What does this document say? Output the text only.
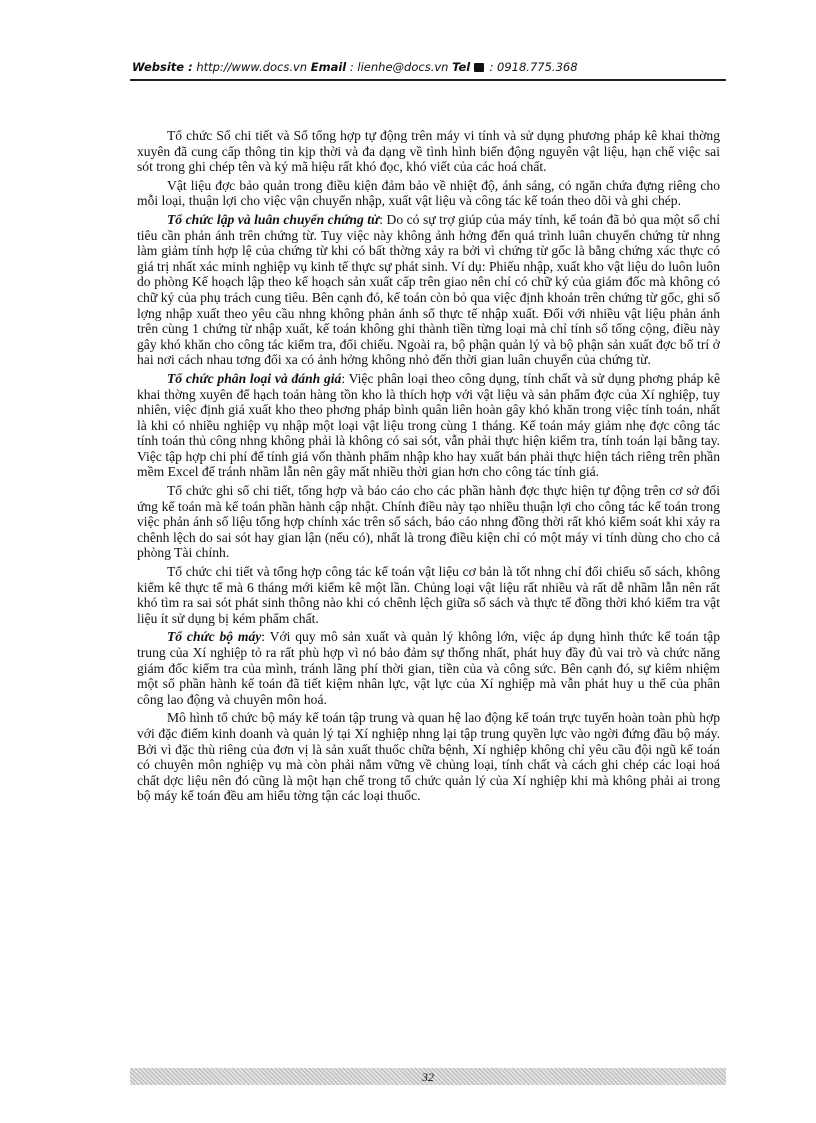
Website : http://www.docs.vn Email : lienhe@docs.vn Tel  : 0918.775.368

Tổ chức Sổ chi tiết và Sổ tổng hợp tự động trên máy vi tính và sử dụng phương pháp kê khai thờng xuyên đã cung cấp thông tin kịp thời và đa dạng về tình hình biến động nguyên vật liệu, hạn chế việc sai sót trong ghi chép tên và ký mã hiệu rất khó đọc, khó viết của các hoá chất.

Vật liệu đợc bảo quản trong điều kiện đảm bảo về nhiệt độ, ánh sáng, có ngăn chứa đựng riêng cho mỗi loại, thuận lợi cho việc vận chuyển nhập, xuất vật liệu và công tác kế toán theo dõi và ghi chép.

Tổ chức lập và luân chuyển chứng từ: Do có sự trợ giúp của máy tính, kế toán đã bỏ qua một số chỉ tiêu cần phản ánh trên chứng từ. Tuy việc này không ảnh hởng đến quá trình luân chuyển chứng từ nhng làm giảm tính hợp lệ của chứng từ khi có bất thờng xảy ra bởi vì chứng từ gốc là bằng chứng xác thực có giá trị nhất xác minh nghiệp vụ kinh tế thực sự phát sinh. Ví dụ: Phiếu nhập, xuất kho vật liệu do luôn luôn do phòng Kế hoạch lập theo kế hoạch sản xuất cấp trên giao nên chỉ có chữ ký của giám đốc mà không có chữ ký của phụ trách cung tiêu. Bên cạnh đó, kế toán còn bỏ qua việc định khoản trên chứng từ gốc, ghi số lợng nhập xuất theo yêu cầu nhng không phản ánh số thực tế nhập xuất. Đối với nhiều vật liệu phản ánh trên cùng 1 chứng từ nhập xuất, kế toán không ghi thành tiền từng loại mà chỉ tính số tổng cộng, điều này gây khó khăn cho công tác kiểm tra, đối chiếu. Ngoài ra, bộ phận quản lý và bộ phận sản xuất đợc bố trí ở hai nơi cách nhau tơng đối xa có ảnh hởng không nhỏ đến thời gian luân chuyển của chứng từ.

Tổ chức phân loại và đánh giá: Việc phân loại theo công dụng, tính chất và sử dụng phơng pháp kê khai thờng xuyên để hạch toán hàng tồn kho là thích hợp với vật liệu và sản phẩm đợc của Xí nghiệp, tuy nhiên, việc định giá xuất kho theo phơng pháp bình quân liên hoàn gây khó khăn trong việc tính toán, nhất là khi có nhiều nghiệp vụ nhập một loại vật liệu trong cùng 1 tháng. Kế toán máy giảm nhẹ đợc công tác tính toán thủ công nhng không phải là không có sai sót, vẫn phải thực hiện kiểm tra, tính toán lại bằng tay. Việc tập hợp chi phí để tính giá vốn thành phẩm nhập kho hay xuất bán phải thực hiện tách riêng trên phần mềm Excel để tránh nhầm lẫn nên gây mất nhiều thời gian hơn cho công tác tính giá.

Tổ chức ghi sổ chi tiết, tổng hợp và báo cáo cho các phần hành đợc thực hiện tự động trên cơ sở đối ứng kế toán mà kế toán phần hành cập nhật. Chính điều này tạo nhiều thuận lợi cho công tác kế toán trong việc phản ánh số liệu tổng hợp chính xác trên sổ sách, báo cáo nhng đồng thời rất khó kiểm soát khi xảy ra chênh lệch do sai sót hay gian lận (nếu có), nhất là trong điều kiện chỉ có một máy vi tính dùng cho cho cả phòng Tài chính.

Tổ chức chi tiết và tổng hợp công tác kế toán vật liệu cơ bản là tốt nhng chỉ đối chiếu sổ sách, không kiểm kê thực tế mà 6 tháng mới kiểm kê một lần. Chủng loại vật liệu rất nhiều và rất dễ nhầm lẫn nên rất khó tìm ra sai sót phát sinh thông nào khi có chênh lệch giữa sổ sách và thực tế đồng thời khó kiểm tra vật liệu ít sử dụng bị kém phẩm chất.

Tổ chức bộ máy: Với quy mô sản xuất và quản lý không lớn, việc áp dụng hình thức kế toán tập trung của Xí nghiệp tỏ ra rất phù hợp vì nó bảo đảm sự thống nhất, phát huy đầy đủ vai trò và chức năng giám đốc kiểm tra của mình, tránh lãng phí thời gian, tiền của và công sức. Bên cạnh đó, sự kiêm nhiệm một số phần hành kế toán đã tiết kiệm nhân lực, vật lực của Xí nghiệp mà vẫn phát huy u thế của phân công lao động và chuyên môn hoá.

Mô hình tổ chức bộ máy kế toán tập trung và quan hệ lao động kế toán trực tuyến hoàn toàn phù hợp với đặc điểm kinh doanh và quản lý tại Xí nghiệp nhng lại tập trung quyền lực vào ngời đứng đầu bộ máy. Bởi vì đặc thù riêng của đơn vị là sản xuất thuốc chữa bệnh, Xí nghiệp không chỉ yêu cầu đội ngũ kế toán có chuyên môn nghiệp vụ mà còn phải nắm vững về chủng loại, tính chất và cách ghi chép các loại hoá chất dợc liệu nên đó cũng là một hạn chế trong tổ chức quản lý của Xí nghiệp khi mà không phải ai trong bộ máy kế toán đều am hiểu tờng tận các loại thuốc.

32
